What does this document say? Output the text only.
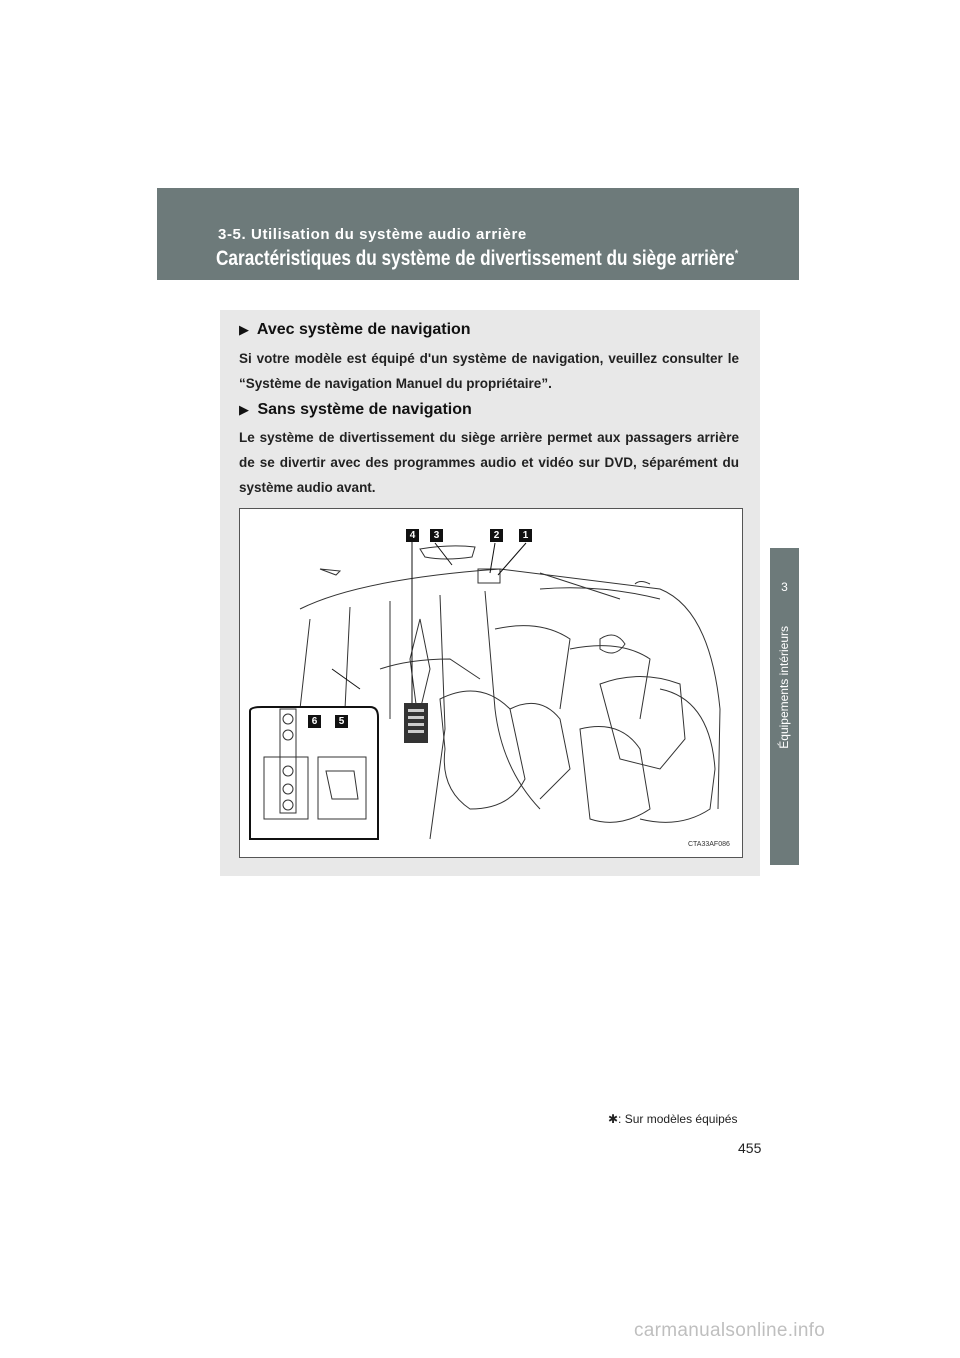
3-5. Utilisation du système audio arrière
Caractéristiques du système de divertissement du siège arrière*
3
Équipements intérieurs
▶ Avec système de navigation
Si votre modèle est équipé d'un système de navigation, veuillez consulter le “Système de navigation Manuel du propriétaire”.
▶ Sans système de navigation
Le système de divertissement du siège arrière permet aux passagers arrière de se divertir avec des programmes audio et vidéo sur DVD, séparément du système audio avant.
4	3	2	1
6	5
CTA33AF086
✱: Sur modèles équipés
455
carmanualsonline.info
